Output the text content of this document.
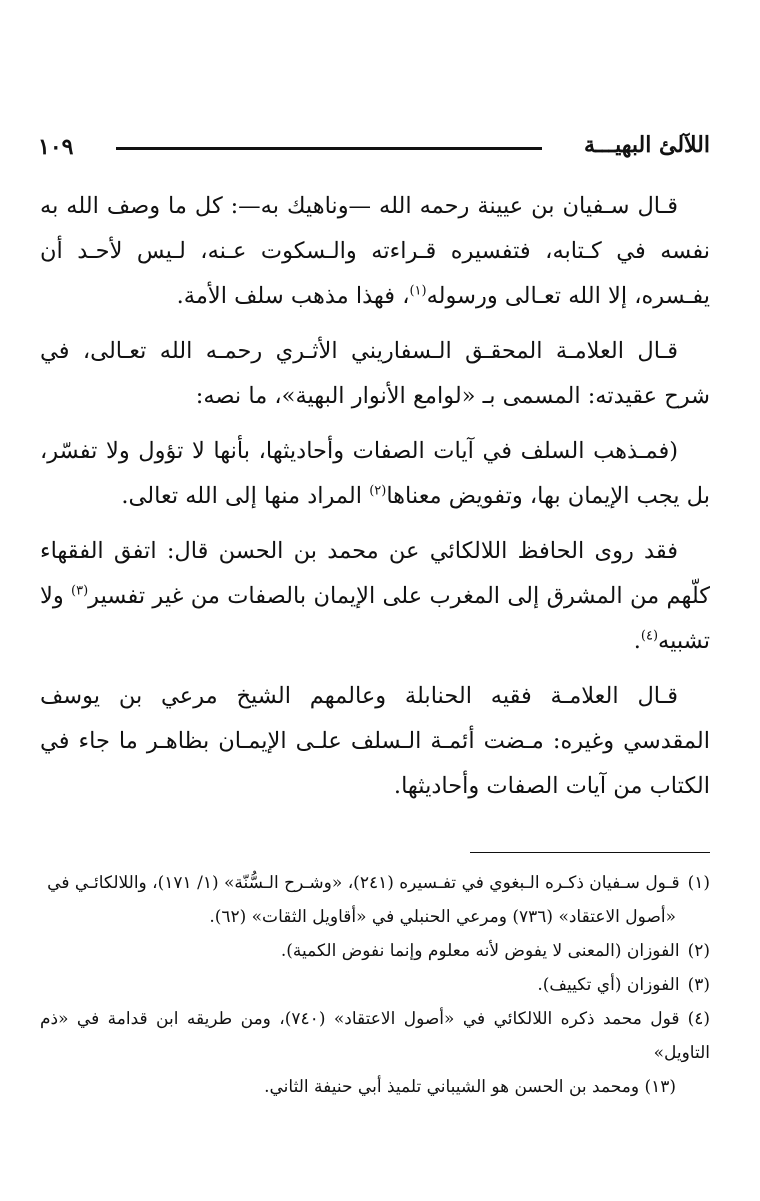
١٠٩	اللآلئ البهيـــة

قـال سـفيان بن عيينة رحمه الله —وناهيك به—: كل ما وصف الله به نفسه في كـتابه، فتفسيره قـراءته والـسكوت عـنه، لـيس لأحـد أن يفـسره، إلا الله تعـالى ورسوله$^{(١)}$، فهذا مذهب سلف الأمة.

قـال العلامـة المحقـق الـسفاريني الأثـري رحمـه الله تعـالى، في شرح عقيدته: المسمى بـ «لوامع الأنوار البهية»، ما نصه:

(فمـذهب السلف في آيات الصفات وأحاديثها، بأنها لا تؤول ولا تفسّر، بل يجب الإيمان بها، وتفويض معناها$^{(٢)}$ المراد منها إلى الله تعالى.

فقد روى الحافظ اللالكائي عن محمد بن الحسن قال: اتفق الفقهاء كلّهم من المشرق إلى المغرب على الإيمان بالصفات من غير تفسير$^{(٣)}$ ولا تشبيه$^{(٤)}$.

قـال العلامـة فقيه الحنابلة وعالمهم الشيخ مرعي بن يوسف المقدسي وغيره: مـضت أئمـة الـسلف علـى الإيمـان بظاهـر ما جاء في الكتاب من آيات الصفات وأحاديثها.

(١)قـول سـفيان ذكـره الـبغوي في تفـسيره (٢٤١)، «وشـرح الـسُّنّة» (١/ ١٧١)، واللالكائـي في
«أصول الاعتقاد» (٧٣٦) ومرعي الحنبلي في «أقاويل الثقات» (٦٢).
(٢)الفوزان (المعنى لا يفوض لأنه معلوم وإنما نفوض الكمية).
(٣)الفوزان (أي تكييف).
(٤)قول محمد ذكره اللالكائي في «أصول الاعتقاد» (٧٤٠)، ومن طريقه ابن قدامة في «ذم التاويل»
(١٣) ومحمد بن الحسن هو الشيباني تلميذ أبي حنيفة الثاني.
